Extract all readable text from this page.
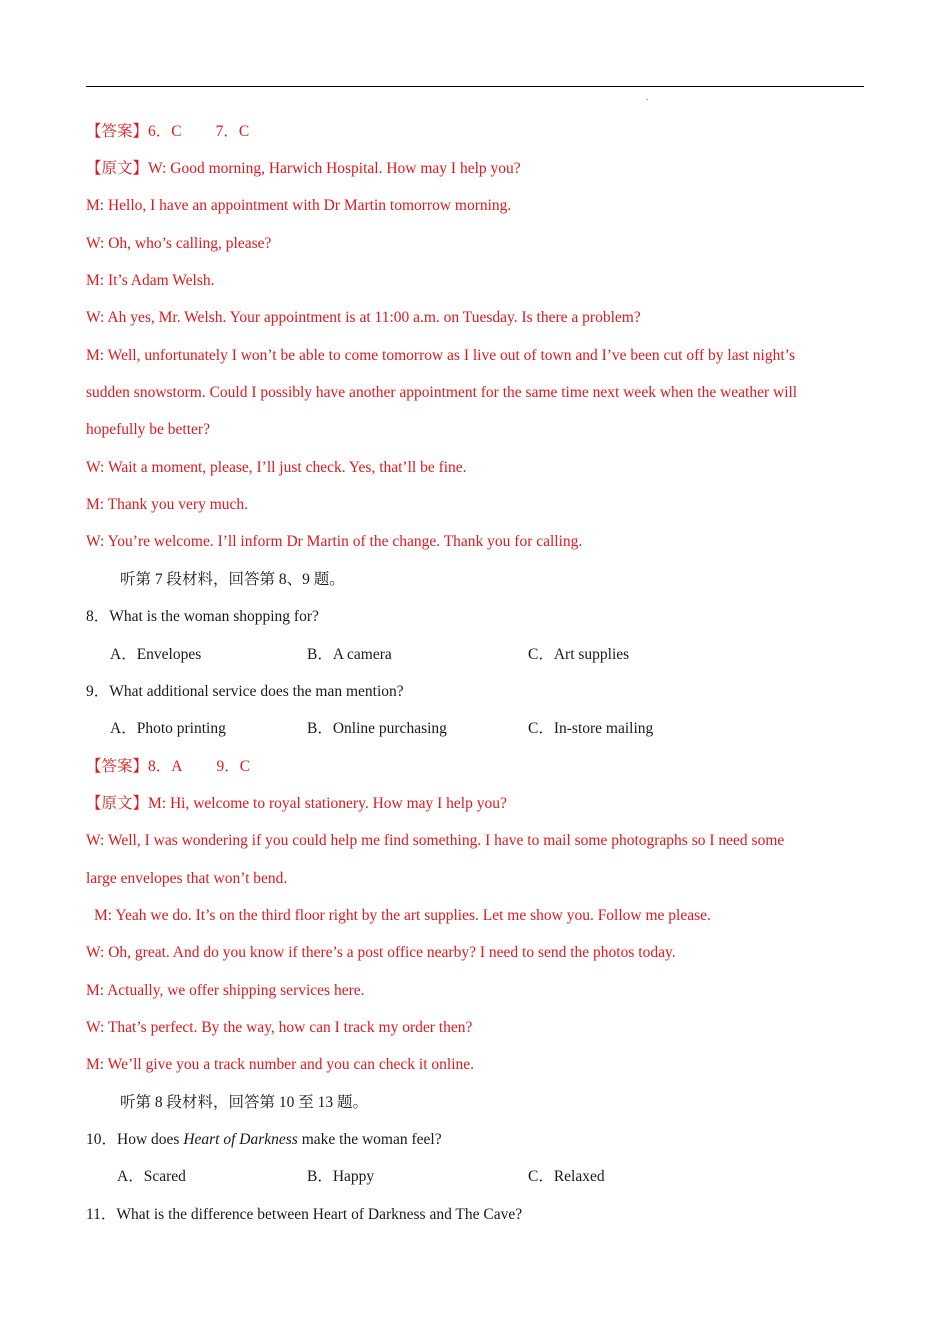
.
【答案】6．C 7．C
【原文】W: Good morning, Harwich Hospital. How may I help you?
M: Hello, I have an appointment with Dr Martin tomorrow morning.
W: Oh, who’s calling, please?
M: It’s Adam Welsh.
W: Ah yes, Mr. Welsh. Your appointment is at 11:00 a.m. on Tuesday. Is there a problem?
M: Well, unfortunately I won’t be able to come tomorrow as I live out of town and I’ve been cut off by last night’s
sudden snowstorm. Could I possibly have another appointment for the same time next week when the weather will
hopefully be better?
W: Wait a moment, please, I’ll just check. Yes, that’ll be fine.
M: Thank you very much.
W: You’re welcome. I’ll inform Dr Martin of the change. Thank you for calling.
听第 7 段材料，回答第 8、9 题。
8．What is the woman shopping for?
A．Envelopes	B．A camera	C．Art supplies
9．What additional service does the man mention?
A．Photo printing	B．Online purchasing	C．In-store mailing
【答案】8．A 9．C
【原文】M: Hi, welcome to royal stationery. How may I help you?
W: Well, I was wondering if you could help me find something. I have to mail some photographs so I need some
large envelopes that won’t bend.
M: Yeah we do. It’s on the third floor right by the art supplies. Let me show you. Follow me please.
W: Oh, great. And do you know if there’s a post office nearby? I need to send the photos today.
M: Actually, we offer shipping services here.
W: That’s perfect. By the way, how can I track my order then?
M: We’ll give you a track number and you can check it online.
听第 8 段材料，回答第 10 至 13 题。
10．How does Heart of Darkness make the woman feel?
A．Scared	B．Happy	C．Relaxed
11．What is the difference between Heart of Darkness and The Cave?
